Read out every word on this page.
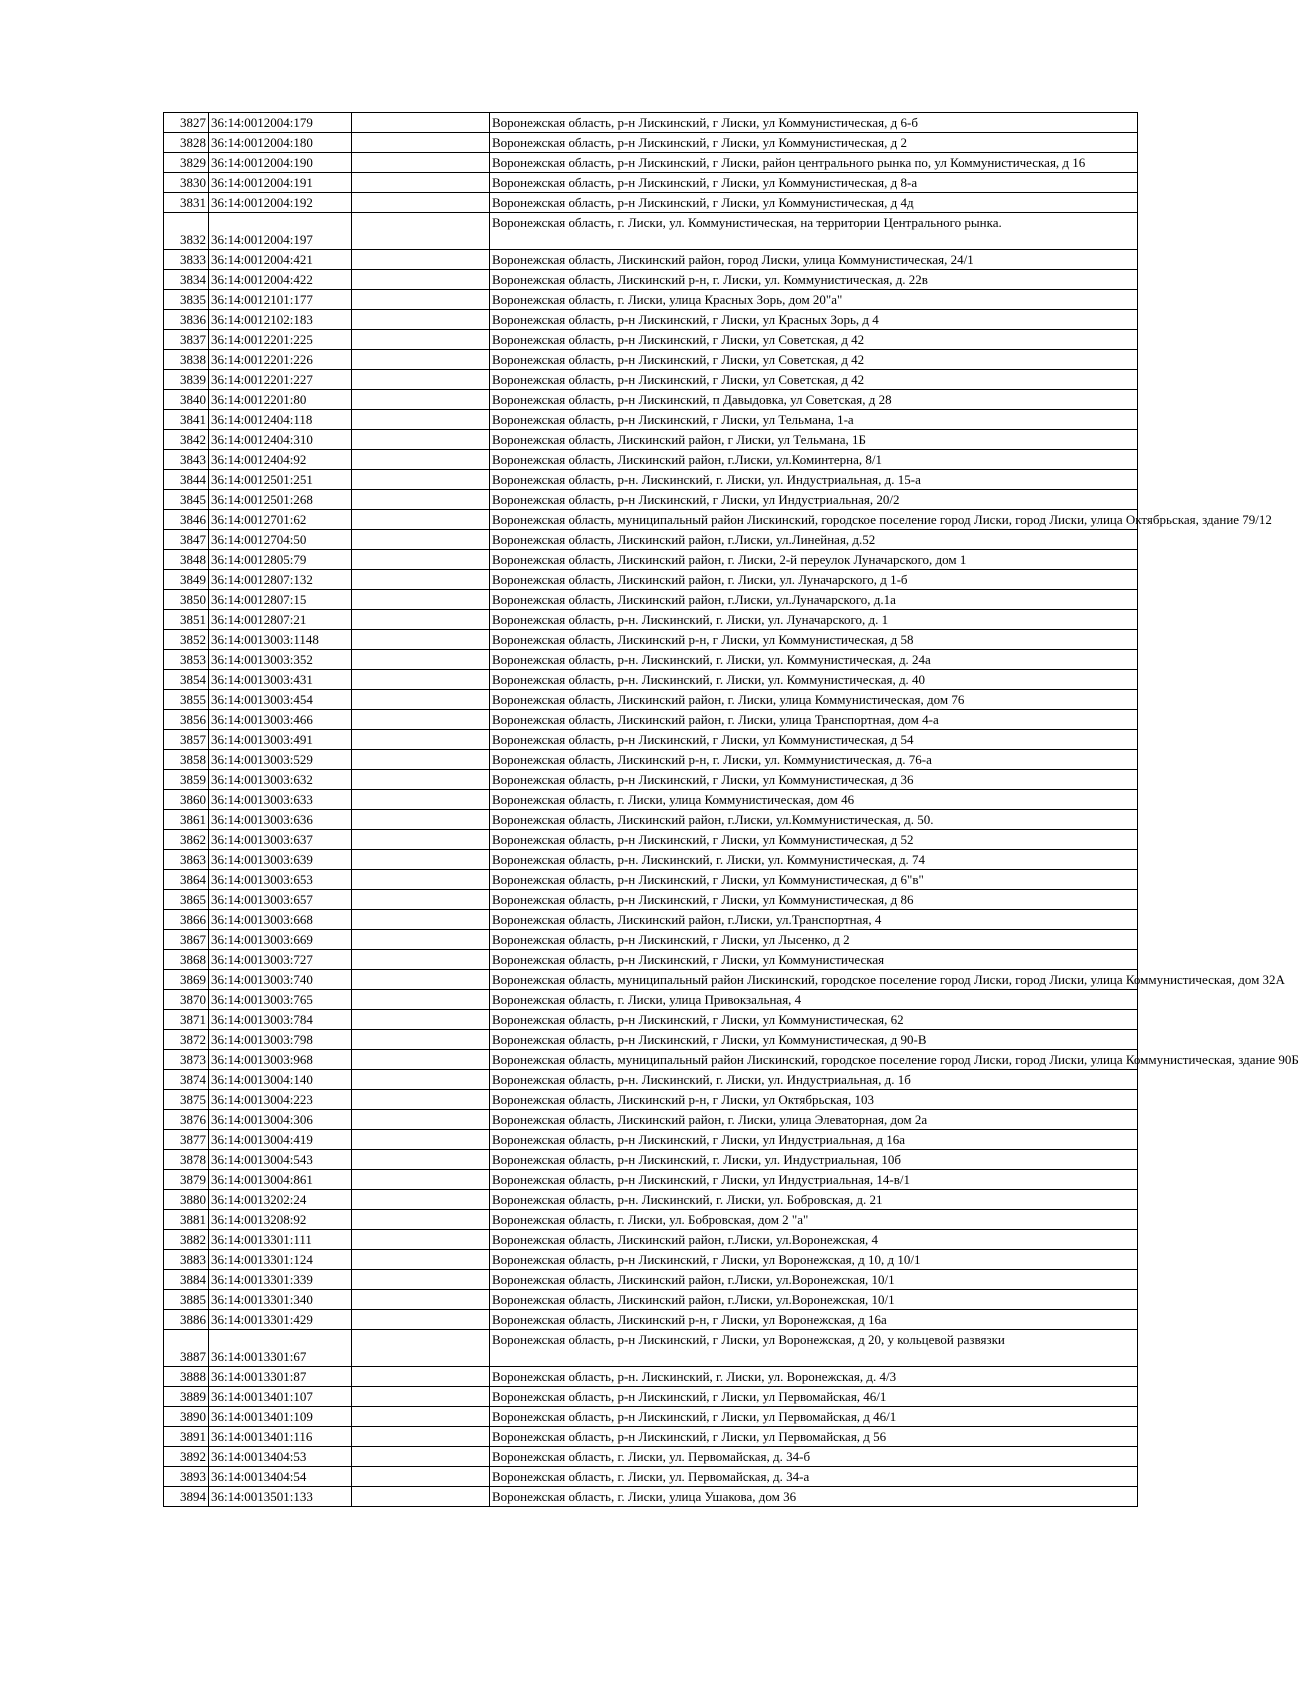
3827	36:14:0012004:179		Воронежская область, р-н Лискинский, г Лиски, ул Коммунистическая, д 6-б
3828	36:14:0012004:180		Воронежская область, р-н Лискинский, г Лиски, ул Коммунистическая, д 2
3829	36:14:0012004:190		Воронежская область, р-н Лискинский, г Лиски, район центрального рынка по, ул Коммунистическая, д 16
3830	36:14:0012004:191		Воронежская область, р-н Лискинский, г Лиски, ул Коммунистическая, д 8-а
3831	36:14:0012004:192		Воронежская область, р-н Лискинский, г Лиски, ул Коммунистическая, д 4д
3832	36:14:0012004:197		Воронежская область, г. Лиски, ул. Коммунистическая, на территории Центрального рынка.
3833	36:14:0012004:421		Воронежская область, Лискинский район, город Лиски, улица Коммунистическая, 24/1
3834	36:14:0012004:422		Воронежская область, Лискинский р-н, г. Лиски, ул. Коммунистическая, д. 22в
3835	36:14:0012101:177		Воронежская область, г. Лиски, улица Красных Зорь, дом 20"а"
3836	36:14:0012102:183		Воронежская область, р-н Лискинский, г Лиски, ул Красных Зорь, д 4
3837	36:14:0012201:225		Воронежская область, р-н Лискинский, г Лиски, ул Советская, д 42
3838	36:14:0012201:226		Воронежская область, р-н Лискинский, г Лиски, ул Советская, д 42
3839	36:14:0012201:227		Воронежская область, р-н Лискинский, г Лиски, ул Советская, д 42
3840	36:14:0012201:80		Воронежская область, р-н Лискинский, п Давыдовка, ул Советская, д 28
3841	36:14:0012404:118		Воронежская область, р-н Лискинский, г Лиски, ул Тельмана, 1-а
3842	36:14:0012404:310		Воронежская область, Лискинский район, г Лиски, ул Тельмана, 1Б
3843	36:14:0012404:92		Воронежская область, Лискинский район, г.Лиски, ул.Коминтерна, 8/1
3844	36:14:0012501:251		Воронежская область, р-н. Лискинский, г. Лиски, ул. Индустриальная, д. 15-а
3845	36:14:0012501:268		Воронежская область, р-н Лискинский, г Лиски, ул Индустриальная, 20/2
3846	36:14:0012701:62		Воронежская область, муниципальный район Лискинский, городское поселение город Лиски, город Лиски, улица Октябрьская, здание 79/12
3847	36:14:0012704:50		Воронежская область, Лискинский район, г.Лиски, ул.Линейная, д.52
3848	36:14:0012805:79		Воронежская область, Лискинский район, г. Лиски, 2-й переулок Луначарского, дом 1
3849	36:14:0012807:132		Воронежская область, Лискинский район, г. Лиски, ул. Луначарского, д 1-б
3850	36:14:0012807:15		Воронежская область, Лискинский район, г.Лиски, ул.Луначарского, д.1а
3851	36:14:0012807:21		Воронежская область, р-н. Лискинский, г. Лиски, ул. Луначарского, д. 1
3852	36:14:0013003:1148		Воронежская область, Лискинский р-н, г Лиски, ул Коммунистическая, д 58
3853	36:14:0013003:352		Воронежская область, р-н. Лискинский, г. Лиски, ул. Коммунистическая, д. 24а
3854	36:14:0013003:431		Воронежская область, р-н. Лискинский, г. Лиски, ул. Коммунистическая, д. 40
3855	36:14:0013003:454		Воронежская область, Лискинский район, г. Лиски, улица Коммунистическая, дом 76
3856	36:14:0013003:466		Воронежская область, Лискинский район, г. Лиски, улица Транспортная, дом 4-а
3857	36:14:0013003:491		Воронежская область, р-н Лискинский, г Лиски, ул Коммунистическая, д 54
3858	36:14:0013003:529		Воронежская область, Лискинский р-н, г. Лиски, ул. Коммунистическая, д. 76-а
3859	36:14:0013003:632		Воронежская область, р-н Лискинский, г Лиски, ул Коммунистическая, д 36
3860	36:14:0013003:633		Воронежская область, г. Лиски, улица Коммунистическая, дом 46
3861	36:14:0013003:636		Воронежская область, Лискинский район, г.Лиски, ул.Коммунистическая, д. 50.
3862	36:14:0013003:637		Воронежская область, р-н Лискинский, г Лиски, ул Коммунистическая, д 52
3863	36:14:0013003:639		Воронежская область, р-н. Лискинский, г. Лиски, ул. Коммунистическая, д. 74
3864	36:14:0013003:653		Воронежская область, р-н Лискинский, г Лиски, ул Коммунистическая, д 6"в"
3865	36:14:0013003:657		Воронежская область, р-н Лискинский, г Лиски, ул Коммунистическая, д 86
3866	36:14:0013003:668		Воронежская область, Лискинский район, г.Лиски, ул.Транспортная, 4
3867	36:14:0013003:669		Воронежская область, р-н Лискинский, г Лиски, ул Лысенко, д 2
3868	36:14:0013003:727		Воронежская область, р-н Лискинский, г Лиски, ул Коммунистическая
3869	36:14:0013003:740		Воронежская область, муниципальный район Лискинский, городское поселение город Лиски, город Лиски, улица Коммунистическая, дом 32А
3870	36:14:0013003:765		Воронежская область, г. Лиски, улица Привокзальная, 4
3871	36:14:0013003:784		Воронежская область, р-н Лискинский, г Лиски, ул Коммунистическая, 62
3872	36:14:0013003:798		Воронежская область, р-н Лискинский, г Лиски, ул Коммунистическая, д 90-В
3873	36:14:0013003:968		Воронежская область, муниципальный район Лискинский, городское поселение город Лиски, город Лиски, улица Коммунистическая, здание 90Б
3874	36:14:0013004:140		Воронежская область, р-н. Лискинский, г. Лиски, ул. Индустриальная, д. 1б
3875	36:14:0013004:223		Воронежская область, Лискинский р-н, г Лиски, ул Октябрьская, 103
3876	36:14:0013004:306		Воронежская область, Лискинский район, г. Лиски, улица Элеваторная, дом 2а
3877	36:14:0013004:419		Воронежская область, р-н Лискинский, г Лиски, ул Индустриальная, д 16а
3878	36:14:0013004:543		Воронежская область, р-н Лискинский, г. Лиски, ул. Индустриальная, 10б
3879	36:14:0013004:861		Воронежская область, р-н Лискинский, г Лиски, ул Индустриальная, 14-в/1
3880	36:14:0013202:24		Воронежская область, р-н. Лискинский, г. Лиски, ул. Бобровская, д. 21
3881	36:14:0013208:92		Воронежская область, г. Лиски, ул. Бобровская, дом 2 "а"
3882	36:14:0013301:111		Воронежская область, Лискинский район, г.Лиски, ул.Воронежская, 4
3883	36:14:0013301:124		Воронежская область, р-н Лискинский, г Лиски, ул Воронежская, д 10, д 10/1
3884	36:14:0013301:339		Воронежская область, Лискинский район, г.Лиски, ул.Воронежская, 10/1
3885	36:14:0013301:340		Воронежская область, Лискинский район, г.Лиски, ул.Воронежская, 10/1
3886	36:14:0013301:429		Воронежская область, Лискинский р-н, г Лиски, ул Воронежская, д 16а
3887	36:14:0013301:67		Воронежская область, р-н Лискинский, г Лиски, ул Воронежская, д 20, у кольцевой развязки
3888	36:14:0013301:87		Воронежская область, р-н. Лискинский, г. Лиски, ул. Воронежская, д. 4/3
3889	36:14:0013401:107		Воронежская область, р-н Лискинский, г Лиски, ул Первомайская, 46/1
3890	36:14:0013401:109		Воронежская область, р-н Лискинский, г Лиски, ул Первомайская, д 46/1
3891	36:14:0013401:116		Воронежская область, р-н Лискинский, г Лиски, ул Первомайская, д 56
3892	36:14:0013404:53		Воронежская область, г. Лиски, ул. Первомайская, д. 34-б
3893	36:14:0013404:54		Воронежская область, г. Лиски, ул. Первомайская, д. 34-а
3894	36:14:0013501:133		Воронежская область, г. Лиски, улица Ушакова, дом 36
